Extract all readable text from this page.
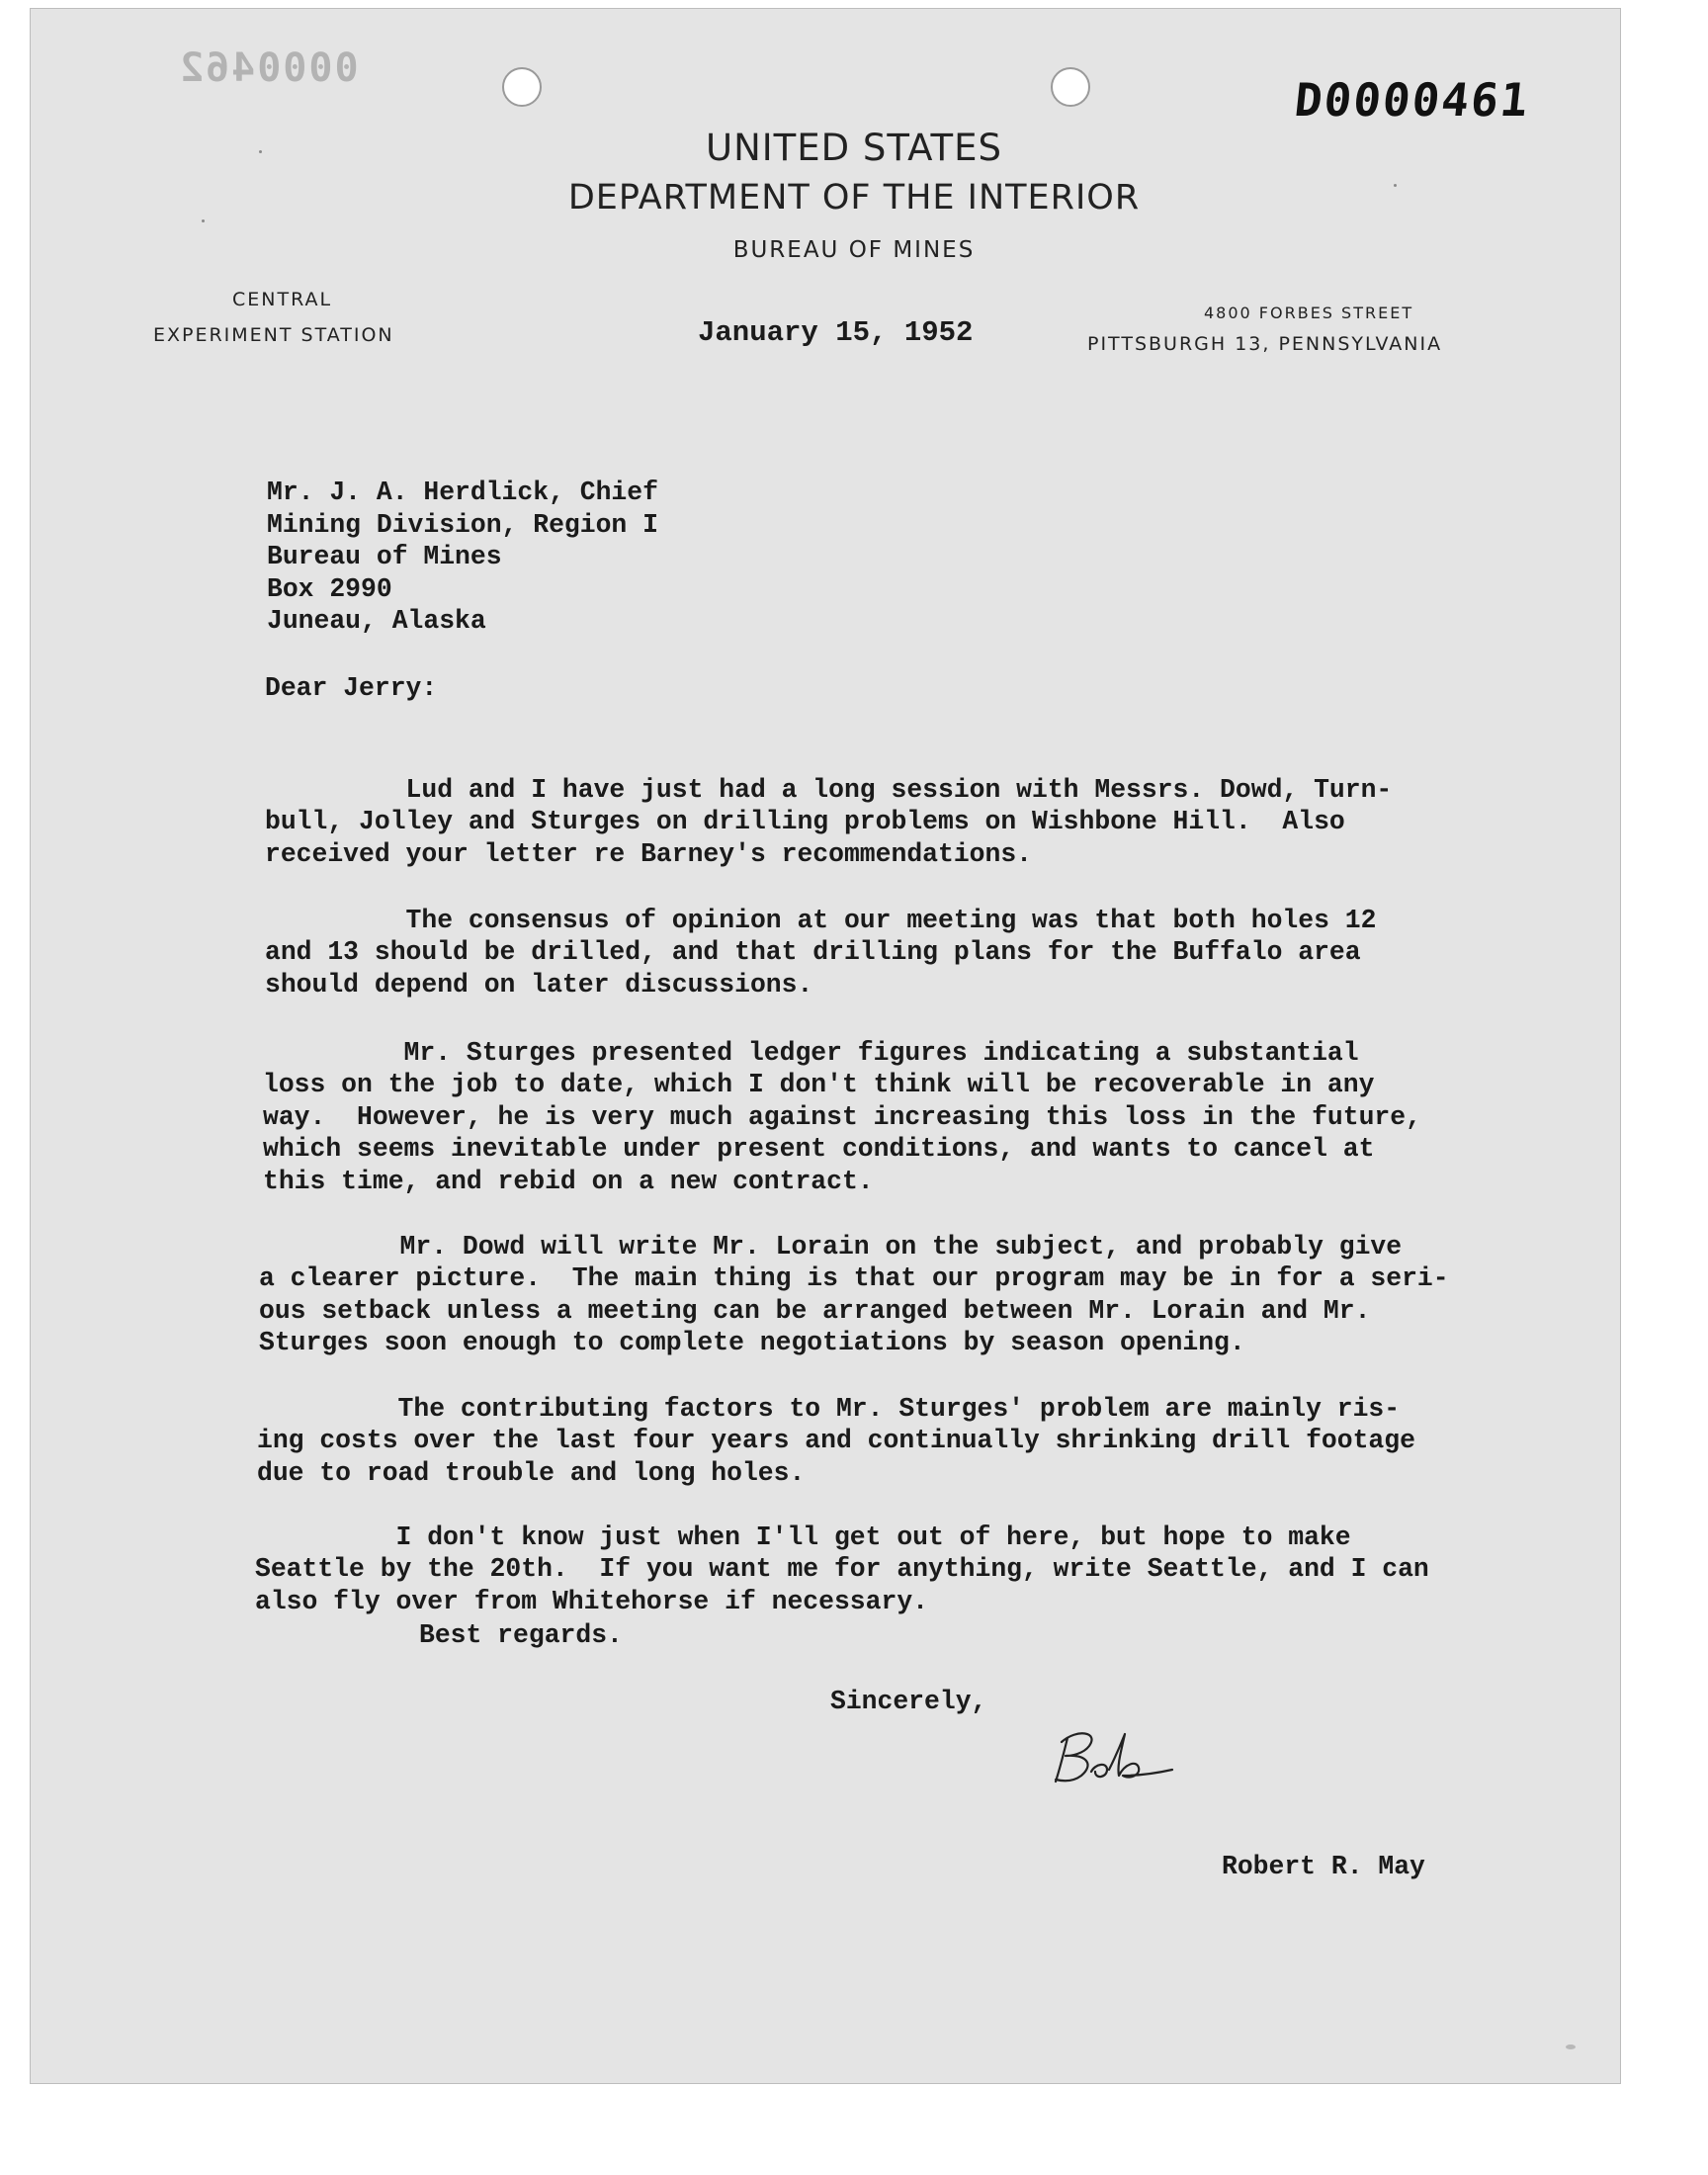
0000462
D0000461
UNITED STATES
DEPARTMENT OF THE INTERIOR
BUREAU OF MINES
CENTRAL
EXPERIMENT STATION
4800 FORBES STREET
PITTSBURGH 13, PENNSYLVANIA
January 15, 1952
Mr. J. A. Herdlick, Chief
Mining Division, Region I
Bureau of Mines
Box 2990
Juneau, Alaska
Dear Jerry:

Lud and I have just had a long session with Messrs. Dowd, Turn-
bull, Jolley and Sturges on drilling problems on Wishbone Hill.  Also
received your letter re Barney's recommendations.

The consensus of opinion at our meeting was that both holes 12
and 13 should be drilled, and that drilling plans for the Buffalo area
should depend on later discussions.

Mr. Sturges presented ledger figures indicating a substantial
loss on the job to date, which I don't think will be recoverable in any
way.  However, he is very much against increasing this loss in the future,
which seems inevitable under present conditions, and wants to cancel at
this time, and rebid on a new contract.

Mr. Dowd will write Mr. Lorain on the subject, and probably give
a clearer picture.  The main thing is that our program may be in for a seri-
ous setback unless a meeting can be arranged between Mr. Lorain and Mr.
Sturges soon enough to complete negotiations by season opening.

The contributing factors to Mr. Sturges' problem are mainly ris-
ing costs over the last four years and continually shrinking drill footage
due to road trouble and long holes.

I don't know just when I'll get out of here, but hope to make
Seattle by the 20th.  If you want me for anything, write Seattle, and I can
also fly over from Whitehorse if necessary.
Best regards.
Sincerely,
Robert R. May
